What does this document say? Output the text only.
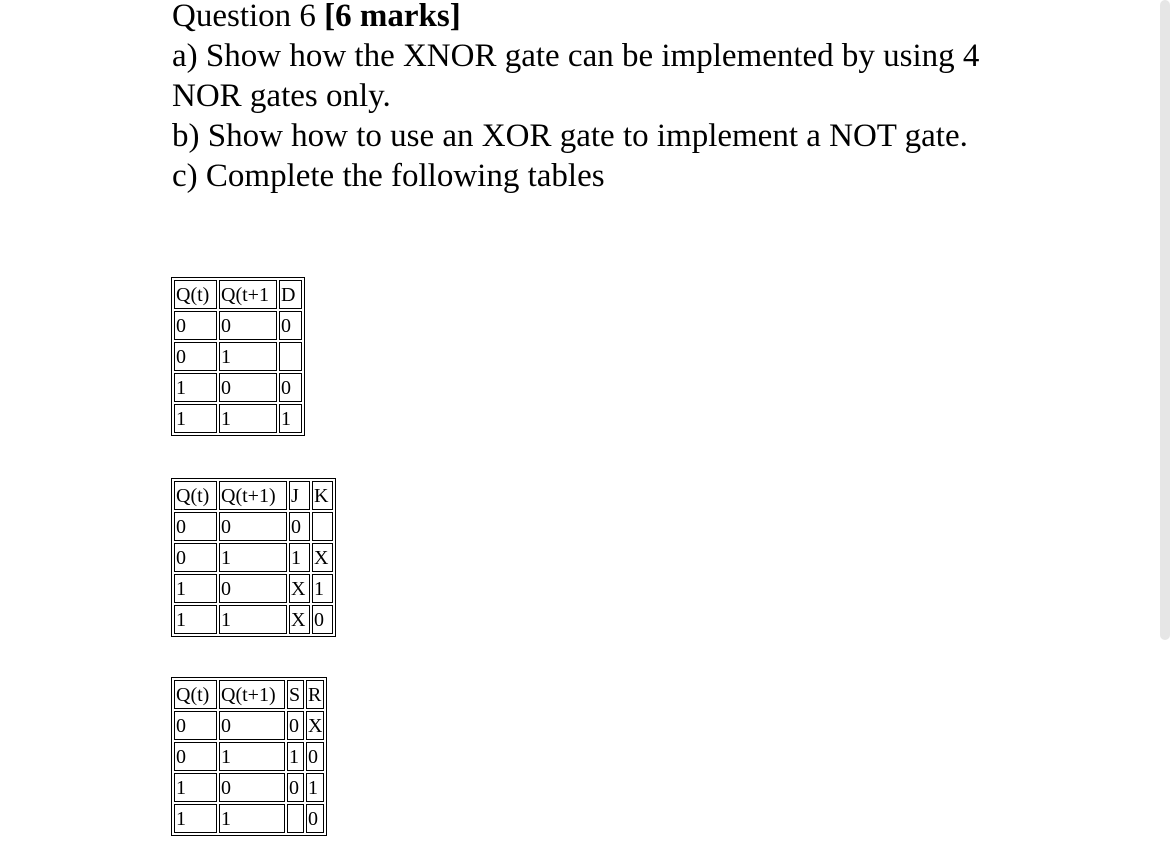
Question 6 [6 marks]

a) Show how the XNOR gate can be implemented by using 4 NOR gates only.

b) Show how to use an XOR gate to implement a NOT gate.

c) Complete the following tables

Q(t)	Q(t+1	D
0	0	0
0	1	
1	0	0
1	1	1
Q(t)	Q(t+1)	J	K
0	0	0	
0	1	1	X
1	0	X	1
1	1	X	0
Q(t)	Q(t+1)	S	R
0	0	0	X
0	1	1	0
1	0	0	1
1	1		0
